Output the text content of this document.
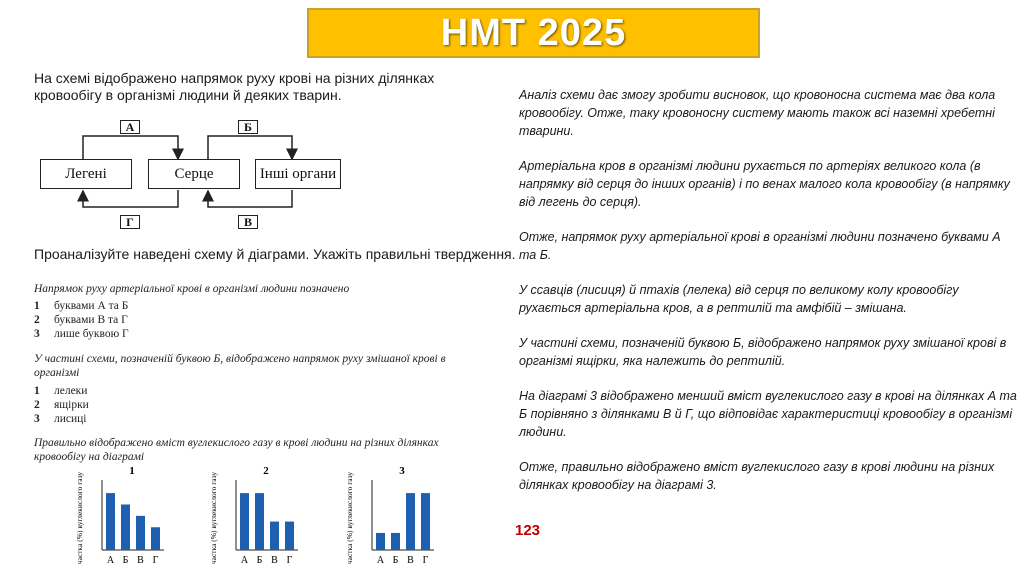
НМТ 2025
На схемі відображено напрямок руху крові на різних ділянках кровообігу в організмі людини й деяких тварин.
Легені	Серце	Інші органи
А	Б
Г	В
Проаналізуйте наведені схему й діаграми. Укажіть правильні твердження.
Напрямок руху артеріальної крові в організмі людини позначено
1	буквами А та Б
2	буквами В та Г
3	лише буквою Г
У частині схеми, позначеній буквою Б, відображено напрямок руху змішаної крові в організмі
1	лелеки
2	ящірки
3	лисиці
Правильно відображено вміст вуглекислого газу в крові людини на різних ділянках кровообігу на діаграмі
1
частка (%) вуглекислого газу А Б В Г
2
частка (%) вуглекислого газу А Б В Г
3
частка (%) вуглекислого газу А Б В Г

Аналіз схеми дає змогу зробити висновок, що кровоносна система має два кола кровообігу. Отже, таку кровоносну систему мають також всі наземні хребетні тварини.

Артеріальна кров в організмі людини рухається по артеріях великого кола (в напрямку від серця до інших органів) і по венах малого кола кровообігу (в напрямку від легень до серця).

Отже, напрямок руху артеріальної крові в організмі людини позначено буквами А та Б.

У ссавців (лисиця) й птахів (лелека) від серця по великому колу кровообігу рухається артеріальна кров, а в рептилій та амфібій – змішана.

У частині схеми, позначеній буквою Б, відображено напрямок руху змішаної крові в організмі ящірки, яка належить до рептилій.

На діаграмі 3 відображено менший вміст вуглекислого газу в крові на ділянках А та Б порівняно з ділянками В й Г, що відповідає характеристиці кровообігу в організмі людини.

Отже, правильно відображено вміст вуглекислого газу в крові людини на різних ділянках кровообігу на діаграмі 3.

123
